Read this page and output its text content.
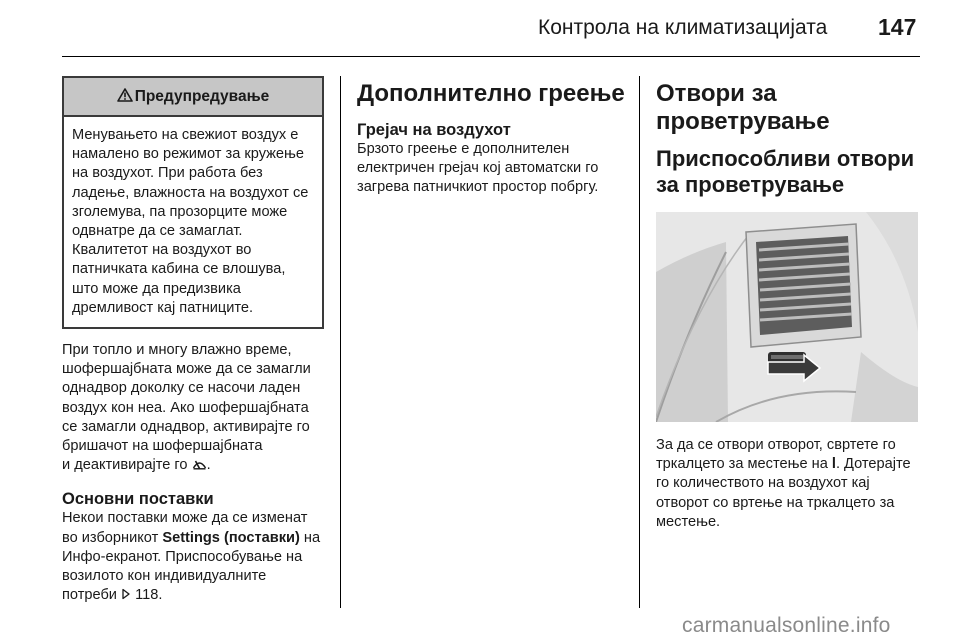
Контрола на климатизацијата 147
Предупредување
Менувањето на свежиот воздух е намалено во режимот за кружење на воздухот. При работа без ладење, влажноста на воздухот се зголемува, па прозорците може одвнатре да се замаглат. Квалитетот на воздухот во патничката кабина се влошува, што може да предизвика дремливост кај патниците.

При топло и многу влажно време, шофершајбната може да се замагли однадвор доколку се насочи ладен воздух кон неа. Ако шофершајбната се замагли однадвор, активирајте го бришачот на шофершајбната
и деактивирајте го .

Основни поставки

Некои поставки може да се изменат во изборникот Settings (поставки) на Инфо-екранот. Приспособување на возилото кон индивидуалните потреби 118.

Дополнително греење

Грејач на воздухот

Брзото греење е дополнителен електричен грејач кој автоматски го загрева патничкиот простор побргу.

Отвори за проветрување

Приспособливи отвори за проветрување

За да се отвори отворот, свртете го тркалцето за местење на l. Дотерајте го количеството на воздухот кај отворот со вртење на тркалцето за местење.

carmanualsonline.info
